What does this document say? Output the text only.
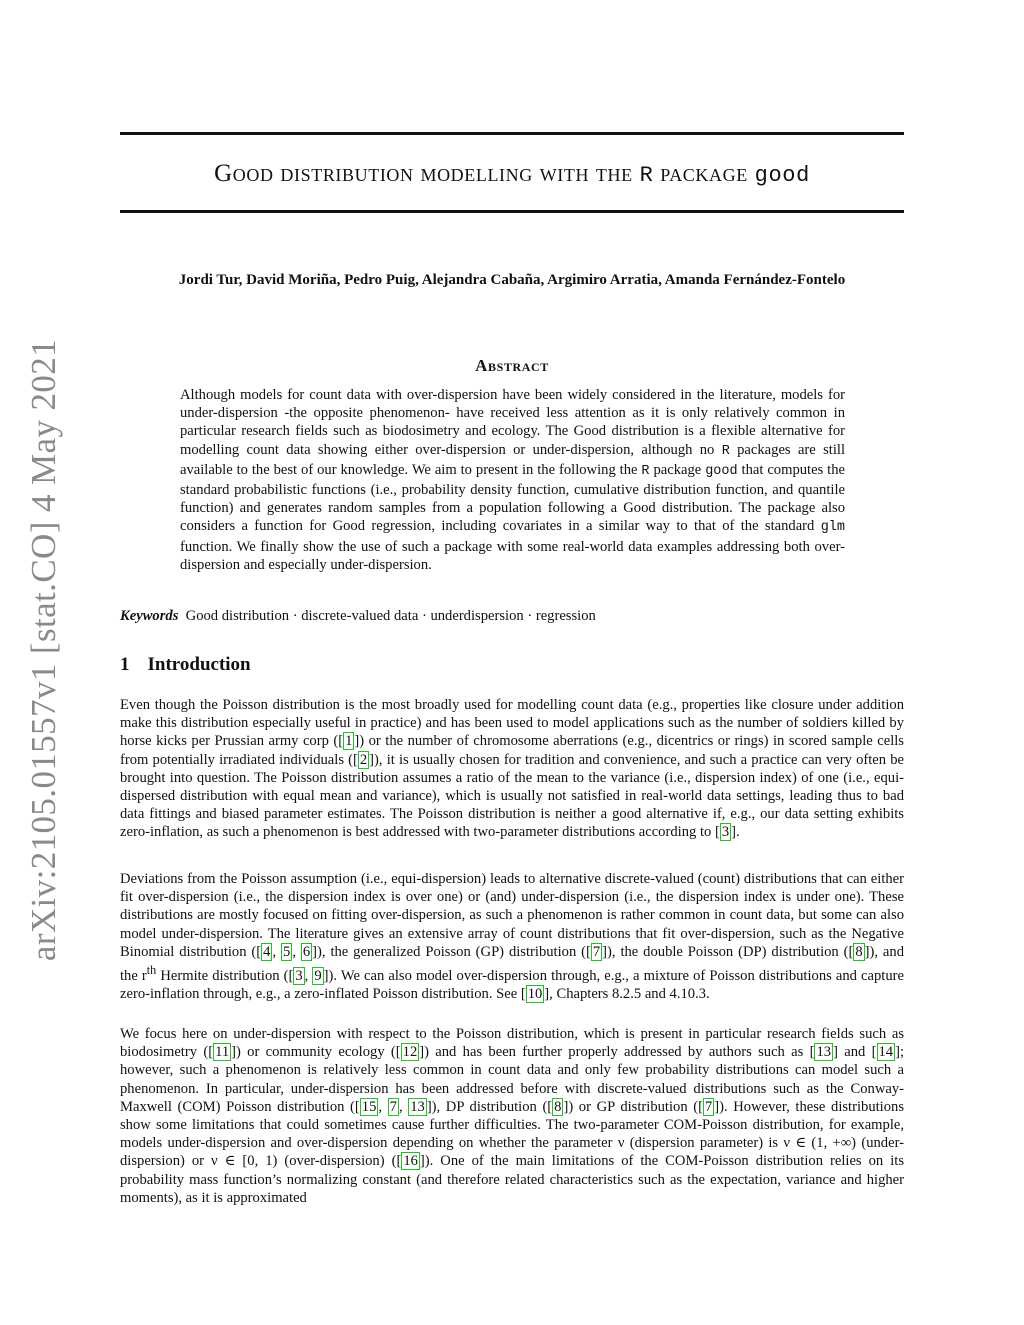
arXiv:2105.01557v1 [stat.CO] 4 May 2021
Good distribution modelling with the R package good
Jordi Tur, David Moriña, Pedro Puig, Alejandra Cabaña, Argimiro Arratia, Amanda Fernández-Fontelo
Abstract
Although models for count data with over-dispersion have been widely considered in the literature, models for under-dispersion -the opposite phenomenon- have received less attention as it is only relatively common in particular research fields such as biodosimetry and ecology. The Good distribution is a flexible alternative for modelling count data showing either over-dispersion or under-dispersion, although no R packages are still available to the best of our knowledge. We aim to present in the following the R package good that computes the standard probabilistic functions (i.e., probability density function, cumulative distribution function, and quantile function) and generates random samples from a population following a Good distribution. The package also considers a function for Good regression, including covariates in a similar way to that of the standard glm function. We finally show the use of such a package with some real-world data examples addressing both over-dispersion and especially under-dispersion.
Keywords Good distribution · discrete-valued data · underdispersion · regression
1 Introduction

Even though the Poisson distribution is the most broadly used for modelling count data (e.g., properties like closure under addition make this distribution especially useful in practice) and has been used to model applications such as the number of soldiers killed by horse kicks per Prussian army corp ([ 1 ]) or the number of chromosome aberrations (e.g., dicentrics or rings) in scored sample cells from potentially irradiated individuals ([ 2 ]), it is usually chosen for tradition and convenience, and such a practice can very often be brought into question. The Poisson distribution assumes a ratio of the mean to the variance (i.e., dispersion index) of one (i.e., equi-dispersed distribution with equal mean and variance), which is usually not satisfied in real-world data settings, leading thus to bad data fittings and biased parameter estimates. The Poisson distribution is neither a good alternative if, e.g., our data setting exhibits zero-inflation, as such a phenomenon is best addressed with two-parameter distributions according to [ 3 ].

Deviations from the Poisson assumption (i.e., equi-dispersion) leads to alternative discrete-valued (count) distributions that can either fit over-dispersion (i.e., the dispersion index is over one) or (and) under-dispersion (i.e., the dispersion index is under one). These distributions are mostly focused on fitting over-dispersion, as such a phenomenon is rather common in count data, but some can also model under-dispersion. The literature gives an extensive array of count distributions that fit over-dispersion, such as the Negative Binomial distribution ([ 4 , 5 , 6 ]), the generalized Poisson (GP) distribution ([ 7 ]), the double Poisson (DP) distribution ([ 8 ]), and the $r^{th}$ Hermite distribution ([ 3 , 9 ]). We can also model over-dispersion through, e.g., a mixture of Poisson distributions and capture zero-inflation through, e.g., a zero-inflated Poisson distribution. See [ 10 ], Chapters 8.2.5 and 4.10.3.

We focus here on under-dispersion with respect to the Poisson distribution, which is present in particular research fields such as biodosimetry ([ 11 ]) or community ecology ([ 12 ]) and has been further properly addressed by authors such as [ 13 ] and [ 14 ]; however, such a phenomenon is relatively less common in count data and only few probability distributions can model such a phenomenon. In particular, under-dispersion has been addressed before with discrete-valued distributions such as the Conway-Maxwell (COM) Poisson distribution ([ 15 , 7 , 13 ]), DP distribution ([ 8 ]) or GP distribution ([ 7 ]). However, these distributions show some limitations that could sometimes cause further difficulties. The two-parameter COM-Poisson distribution, for example, models under-dispersion and over-dispersion depending on whether the parameter ν (dispersion parameter) is ν ∈ (1, +∞) (under-dispersion) or ν ∈ [0, 1) (over-dispersion) ([ 16 ]). One of the main limitations of the COM-Poisson distribution relies on its probability mass function’s normalizing constant (and therefore related characteristics such as the expectation, variance and higher moments), as it is approximated
